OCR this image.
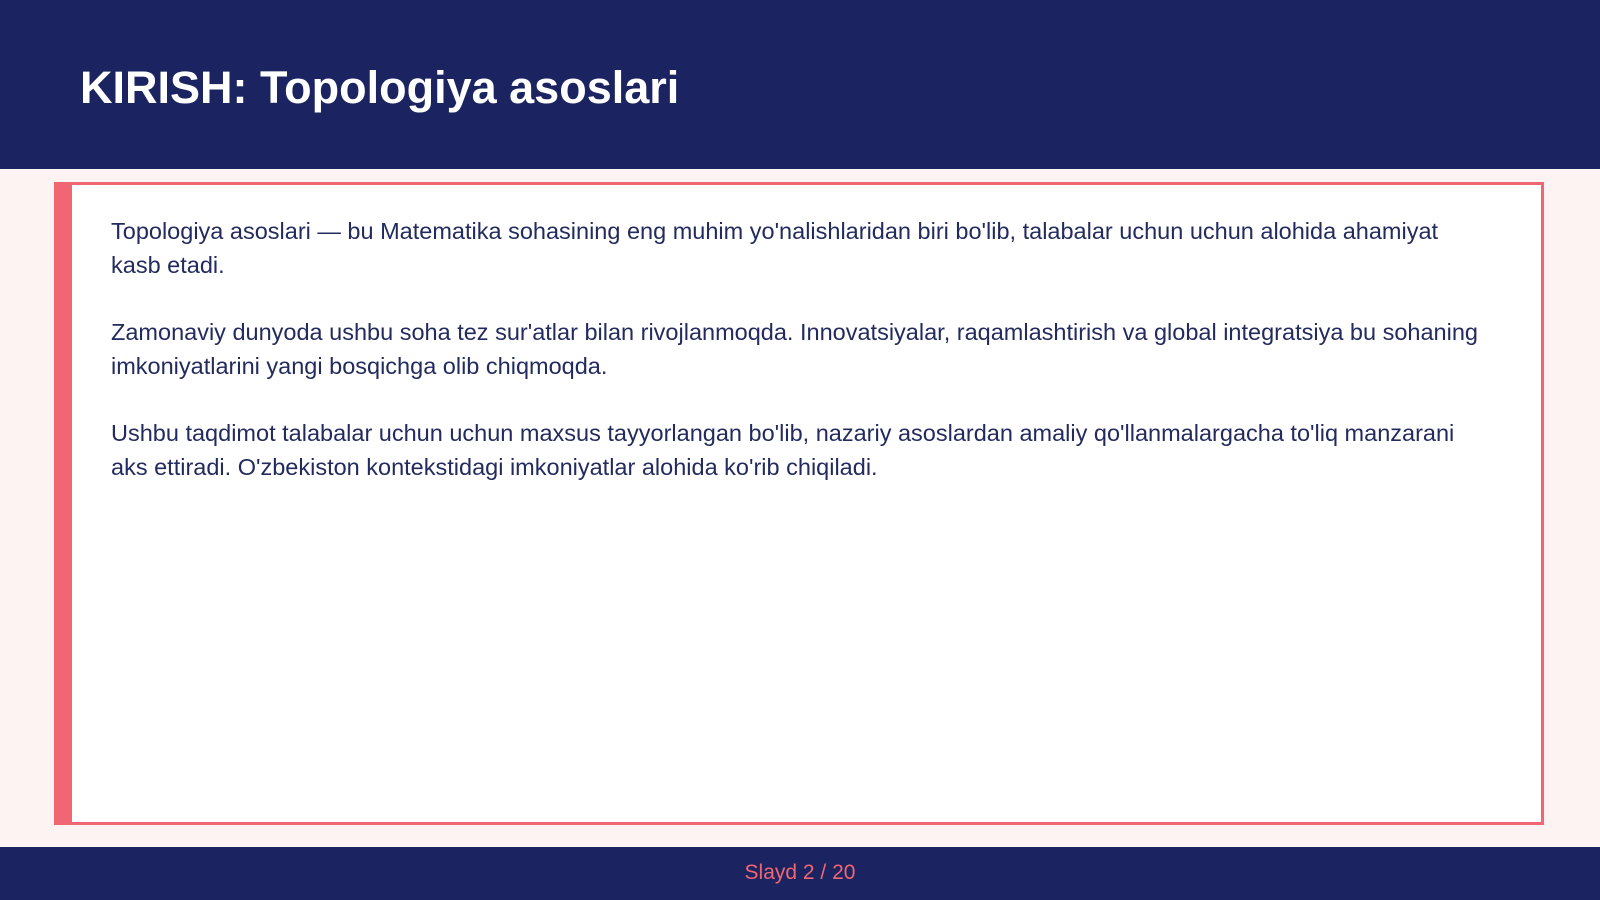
KIRISH: Topologiya asoslari

Topologiya asoslari — bu Matematika sohasining eng muhim yo'nalishlaridan biri bo'lib, talabalar uchun uchun alohida ahamiyat kasb etadi.

Zamonaviy dunyoda ushbu soha tez sur'atlar bilan rivojlanmoqda. Innovatsiyalar, raqamlashtirish va global integratsiya bu sohaning imkoniyatlarini yangi bosqichga olib chiqmoqda.

Ushbu taqdimot talabalar uchun uchun maxsus tayyorlangan bo'lib, nazariy asoslardan amaliy qo'llanmalargacha to'liq manzarani aks ettiradi. O'zbekiston kontekstidagi imkoniyatlar alohida ko'rib chiqiladi.

Slayd 2 / 20
